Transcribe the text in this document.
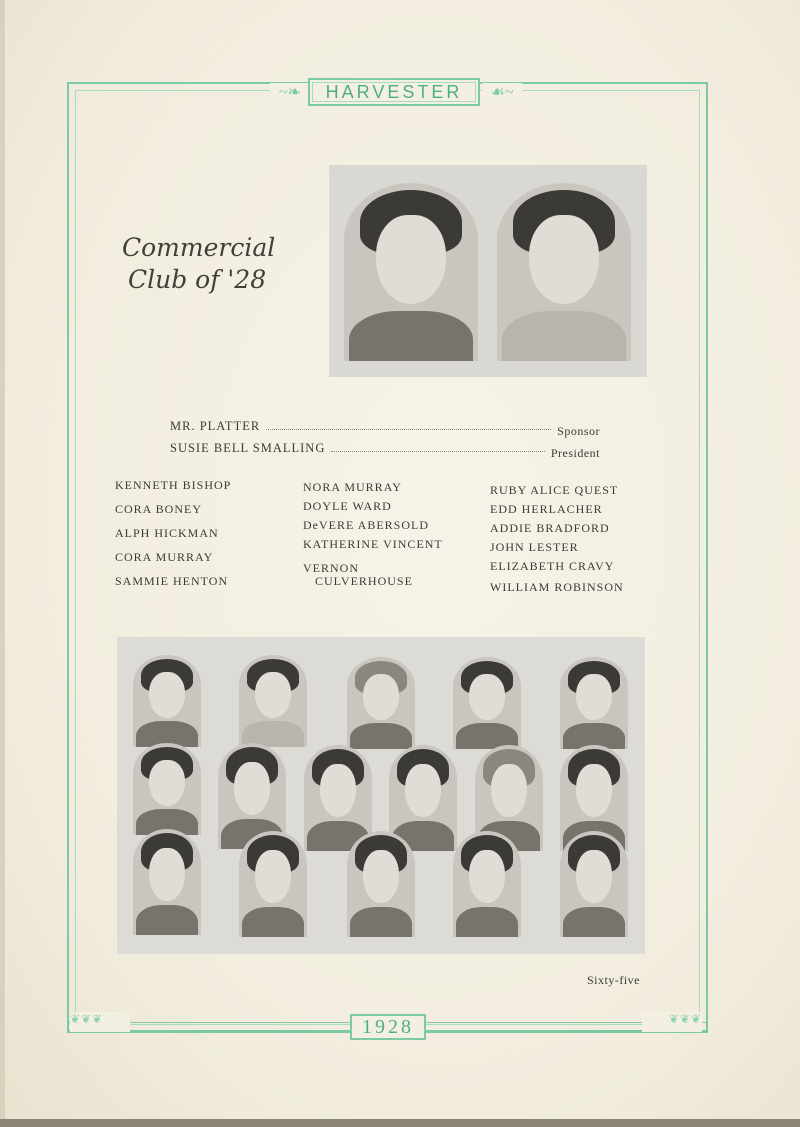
~❧	☙~
HARVESTER
❦❦❦	❦❦❦
1928
Commercial
Club of '28
MR. PLATTER	Sponsor
SUSIE BELL SMALLING	President
KENNETH BISHOP
CORA BONEY
ALPH HICKMAN
CORA MURRAY
SAMMIE HENTON
NORA MURRAY
DOYLE WARD
DeVERE ABERSOLD
KATHERINE VINCENT
VERNON
CULVERHOUSE
RUBY ALICE QUEST
EDD HERLACHER
ADDIE BRADFORD
JOHN LESTER
ELIZABETH CRAVY
WILLIAM ROBINSON
Sixty-five
